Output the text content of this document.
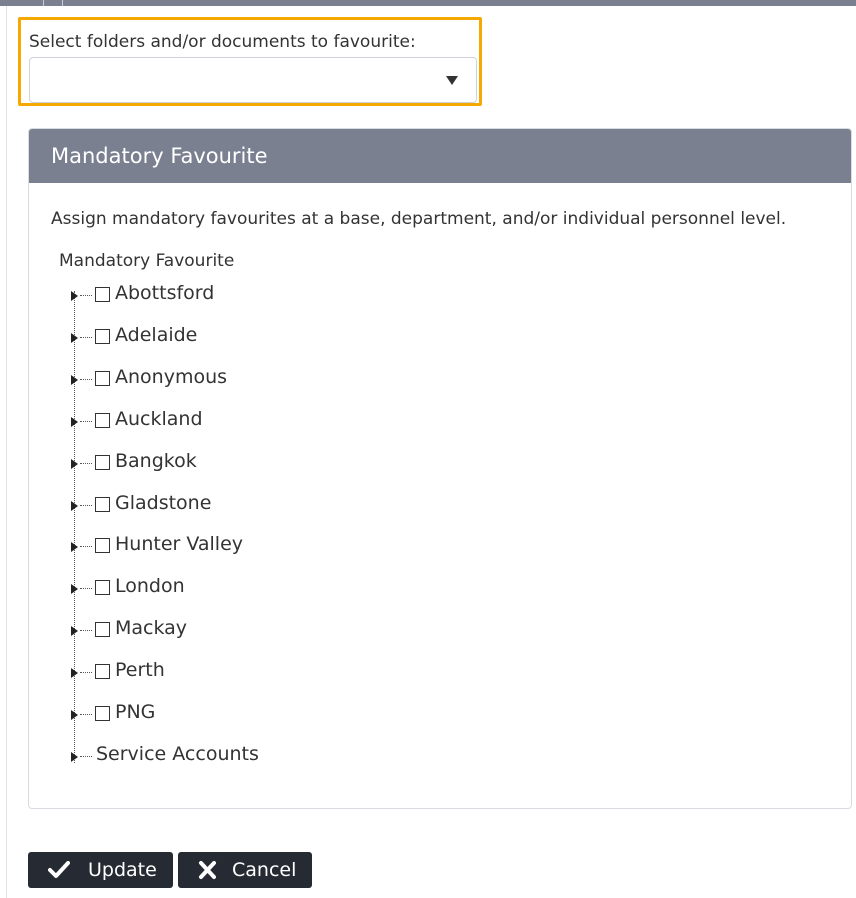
Select folders and/or documents to favourite:
Mandatory Favourite
Assign mandatory favourites at a base, department, and/or individual personnel level.
Mandatory Favourite
Abottsford
Adelaide
Anonymous
Auckland
Bangkok
Gladstone
Hunter Valley
London
Mackay
Perth
PNG
Service Accounts
Update	Cancel
